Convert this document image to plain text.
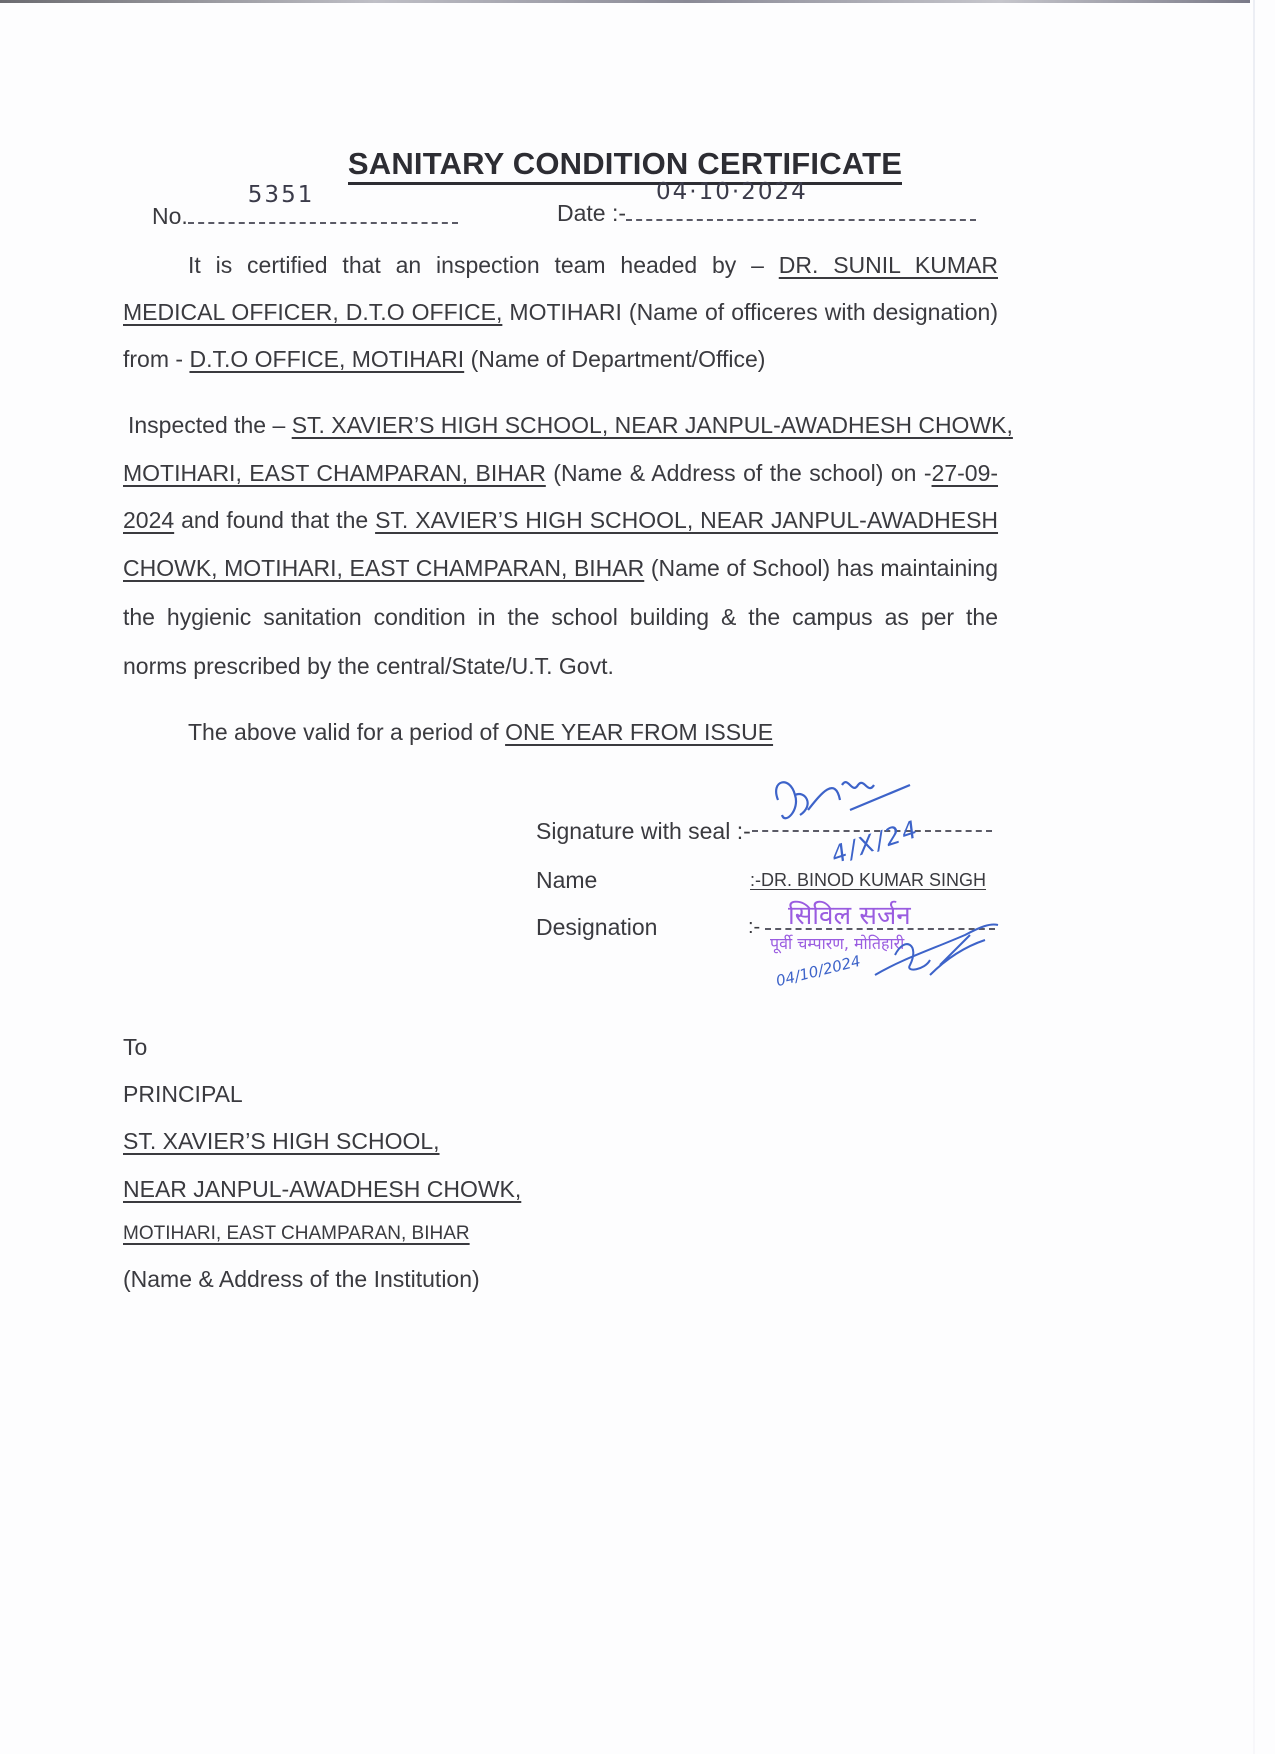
SANITARY CONDITION CERTIFICATE
No.
5351
Date :-
04·10·2024
It is certified that an inspection team headed by – DR. SUNIL KUMAR
MEDICAL OFFICER, D.T.O OFFICE, MOTIHARI (Name of officeres with designation)
from - D.T.O OFFICE, MOTIHARI (Name of Department/Office)
Inspected the – ST. XAVIER’S HIGH SCHOOL, NEAR JANPUL-AWADHESH CHOWK,
MOTIHARI, EAST CHAMPARAN, BIHAR (Name & Address of the school) on -27-09-
2024 and found that the ST. XAVIER’S HIGH SCHOOL, NEAR JANPUL-AWADHESH
CHOWK, MOTIHARI, EAST CHAMPARAN, BIHAR (Name of School) has maintaining
the hygienic sanitation condition in the school building & the campus as per the
norms prescribed by the central/State/U.T. Govt.
The above valid for a period of ONE YEAR FROM ISSUE
Signature with seal :-	4/X/24
Name	:-DR. BINOD KUMAR SINGH
Designation	:- सिविल सर्जन
पूर्वी चम्पारण, मोतिहारी
04/10/2024
To
PRINCIPAL
ST. XAVIER’S HIGH SCHOOL,
NEAR JANPUL-AWADHESH CHOWK,
MOTIHARI, EAST CHAMPARAN, BIHAR
(Name & Address of the Institution)
